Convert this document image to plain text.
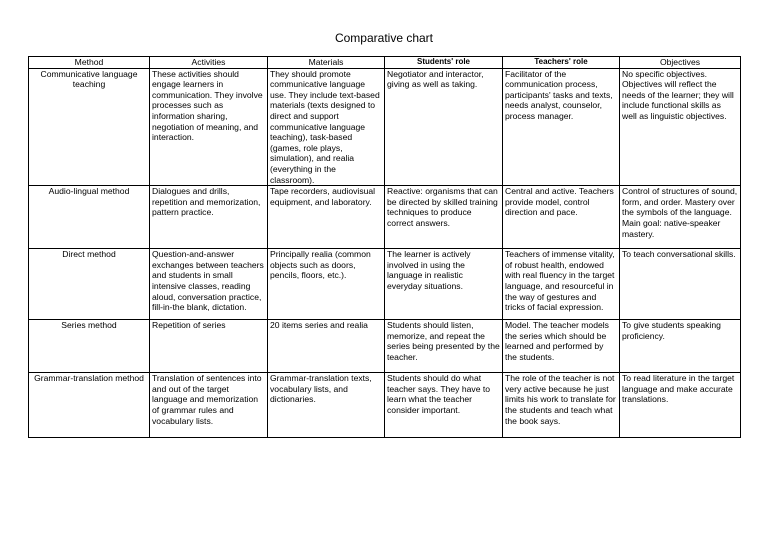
Comparative chart
Method	Activities	Materials	Students' role	Teachers' role	Objectives
Communicative language teaching	These activities should engage learners in communication. They involve processes such as information sharing, negotiation of meaning, and interaction.	They should promote communicative language use. They include text-based materials (texts designed to direct and support communicative language teaching), task-based (games, role plays, simulation), and realia (everything in the classroom).	Negotiator and interactor, giving as well as taking.	Facilitator of the communication process, participants' tasks and texts, needs analyst, counselor, process manager.	No specific objectives. Objectives will reflect the needs of the learner; they will include functional skills as well as linguistic objectives.
Audio-lingual method	Dialogues and drills, repetition and memorization, pattern practice.	Tape recorders, audiovisual equipment, and laboratory.	Reactive: organisms that can be directed by skilled training techniques to produce correct answers.	Central and active. Teachers provide model, control direction and pace.	Control of structures of sound, form, and order. Mastery over the symbols of the language. Main goal: native-speaker mastery.
Direct method	Question-and-answer exchanges between teachers and students in small intensive classes, reading aloud, conversation practice, fill-in-the blank, dictation.	Principally realia (common objects such as doors, pencils, floors, etc.).	The learner is actively involved in using the language in realistic everyday situations.	Teachers of immense vitality, of robust health, endowed with real fluency in the target language, and resourceful in the way of gestures and tricks of facial expression.	To teach conversational skills.
Series method	Repetition of series	20 items series and realia	Students should listen, memorize, and repeat the series being presented by the teacher.	Model. The teacher models the series which should be learned and performed by the students.	To give students speaking proficiency.
Grammar-translation method	Translation of sentences into and out of the target language and memorization of grammar rules and vocabulary lists.	Grammar-translation texts, vocabulary lists, and dictionaries.	Students should do what teacher says. They have to learn what the teacher consider important.	The role of the teacher is not very active because he just limits his work to translate for the students and teach what the book says.	To read literature in the target language and make accurate translations.
